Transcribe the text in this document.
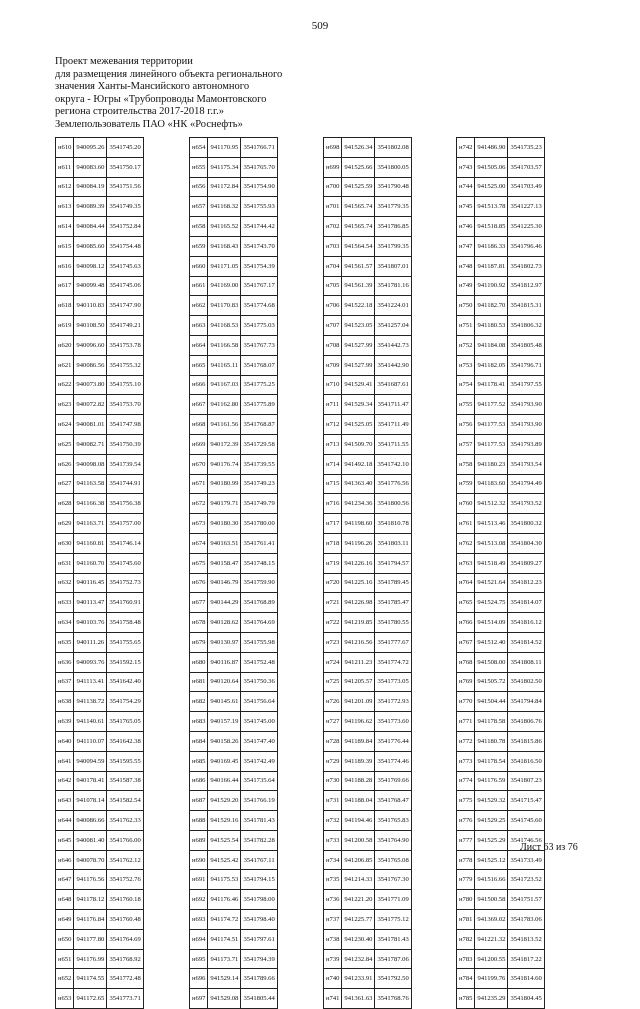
509
Проект межевания территории
для размещения линейного объекта регионального
значения Ханты-Мансийского автономного
округа - Югры «Трубопроводы Мамонтовского
региона строительства 2017-2018 г.г.»
Землепользователь ПАО «НК «Роснефть»
н610	940095.26	3541745.20
н611	940083.60	3541750.17
н612	940084.19	3541751.56
н613	940089.39	3541749.35
н614	940084.44	3541752.84
н615	940085.60	3541754.48
н616	940098.12	3541745.63
н617	940099.48	3541745.06
н618	940110.83	3541747.90
н619	940108.50	3541749.21
н620	940096.60	3541753.78
н621	940086.56	3541755.32
н622	940073.80	3541755.10
н623	940072.82	3541753.70
н624	940081.01	3541747.98
н625	940082.71	3541750.39
н626	940098.08	3541739.54
н627	941163.58	3541744.91
н628	941166.38	3541756.38
н629	941163.71	3541757.00
н630	941160.81	3541746.14
н631	941160.70	3541745.60
н632	940116.45	3541752.73
н633	940113.47	3541760.91
н634	940103.76	3541758.48
н635	940111.26	3541755.65
н636	940093.76	3541592.15
н637	941113.41	3541642.40
н638	941138.72	3541754.29
н639	941140.61	3541765.05
н640	941110.07	3541642.38
н641	940094.59	3541595.55
н642	940178.41	3541587.38
н643	941078.14	3541582.54
н644	940086.66	3541762.33
н645	940081.40	3541766.00
н646	940078.70	3541762.12
н647	941176.56	3541752.76
н648	941178.12	3541760.18
н649	941176.84	3541760.48
н650	941177.80	3541764.69
н651	941176.99	3541768.92
н652	941174.55	3541772.48
н653	941172.65	3541773.71
н654	941170.95	3541766.71
н655	941175.34	3541765.70
н656	941172.84	3541754.90
н657	941168.32	3541755.93
н658	941165.52	3541744.42
н659	941168.43	3541743.70
н660	941171.05	3541754.39
н661	941169.00	3541767.17
н662	941170.83	3541774.68
н663	941168.53	3541775.03
н664	941166.58	3541767.73
н665	941165.11	3541768.07
н666	941167.03	3541775.25
н667	941162.80	3541775.89
н668	941161.56	3541768.87
н669	940172.39	3541729.58
н670	940176.74	3541739.55
н671	940180.99	3541749.23
н672	940179.71	3541749.79
н673	940180.30	3541780.00
н674	940163.51	3541761.41
н675	940158.47	3541748.15
н676	940146.79	3541759.90
н677	940144.29	3541768.89
н678	940128.62	3541764.69
н679	940130.97	3541755.98
н680	940116.87	3541752.48
н681	940120.64	3541750.36
н682	940145.61	3541756.64
н683	940157.19	3541745.00
н684	940158.26	3541747.40
н685	940169.45	3541742.49
н686	940166.44	3541735.64
н687	941529.20	3541766.19
н688	941529.16	3541781.43
н689	941525.54	3541782.28
н690	941525.42	3541767.11
н691	941175.53	3541794.15
н692	941176.46	3541798.00
н693	941174.72	3541798.40
н694	941174.51	3541797.61
н695	941173.71	3541794.39
н696	941529.14	3541789.66
н697	941529.08	3541805.44
н698	941526.34	3541802.08
н699	941525.66	3541800.05
н700	941525.59	3541790.48
н701	941565.74	3541779.35
н702	941565.74	3541786.85
н703	941564.54	3541799.35
н704	941561.57	3541807.01
н705	941561.39	3541781.16
н706	941522.18	3541224.01
н707	941523.05	3541257.04
н708	941527.99	3541442.73
н709	941527.99	3541442.90
н710	941529.41	3541687.61
н711	941529.34	3541711.47
н712	941525.05	3541711.49
н713	941509.70	3541711.55
н714	941492.18	3541742.10
н715	941363.40	3541776.56
н716	941234.36	3541800.56
н717	941198.60	3541810.78
н718	941196.26	3541803.11
н719	941226.16	3541794.57
н720	941225.16	3541789.45
н721	941226.98	3541785.47
н722	941219.85	3541780.55
н723	941216.56	3541777.67
н724	941211.23	3541774.72
н725	941205.57	3541773.05
н726	941201.09	3541772.93
н727	941196.62	3541773.60
н728	941189.84	3541776.44
н729	941189.39	3541774.46
н730	941188.28	3541769.66
н731	941188.04	3541768.47
н732	941194.46	3541765.83
н733	941200.58	3541764.90
н734	941206.85	3541765.08
н735	941214.33	3541767.30
н736	941221.20	3541771.09
н737	941225.77	3541775.12
н738	941230.40	3541781.43
н739	941232.84	3541787.06
н740	941233.91	3541792.50
н741	941361.63	3541768.76
н742	941486.90	3541735.23
н743	941505.06	3541703.57
н744	941525.00	3541703.49
н745	941513.78	3541227.13
н746	941518.85	3541225.30
н747	941186.33	3541796.46
н748	941187.81	3541802.73
н749	941190.92	3541812.97
н750	941182.70	3541815.31
н751	941180.53	3541806.32
н752	941184.08	3541805.48
н753	941182.05	3541796.71
н754	941178.41	3541797.55
н755	941177.52	3541793.90
н756	941177.53	3541793.90
н757	941177.53	3541793.89
н758	941180.23	3541793.54
н759	941183.60	3541794.49
н760	941512.32	3541793.52
н761	941513.46	3541800.32
н762	941513.08	3541804.30
н763	941518.49	3541809.27
н764	941521.64	3541812.23
н765	941524.75	3541814.07
н766	941514.09	3541816.12
н767	941512.40	3541814.52
н768	941508.00	3541808.11
н769	941505.72	3541802.50
н770	941504.44	3541794.84
н771	941178.58	3541806.76
н772	941180.78	3541815.86
н773	941178.54	3541816.50
н774	941176.59	3541807.23
н775	941529.32	3541715.47
н776	941529.25	3541745.60
н777	941525.29	3541746.56
н778	941525.12	3541733.49
н779	941516.66	3541723.52
н780	941500.58	3541751.57
н781	941369.02	3541783.06
н782	941221.32	3541813.52
н783	941200.55	3541817.22
н784	941199.76	3541814.60
н785	941235.29	3541804.45
Лист 63 из 76
